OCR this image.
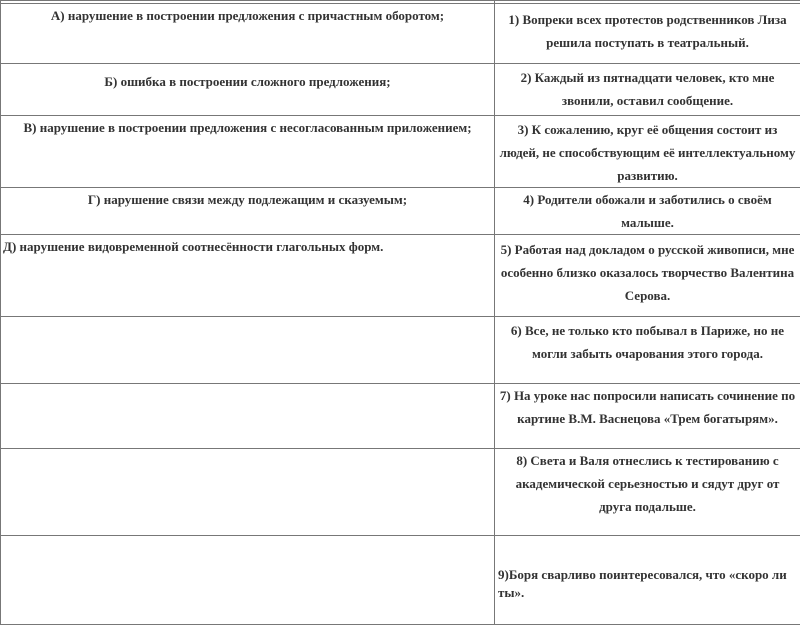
А) нарушение в построении предложения с причастным оборотом;	1) Вопреки всех протестов родственников Лиза решила поступать в театральный.
Б) ошибка в построении сложного предложения;	2) Каждый из пятнадцати человек, кто мне звонили, оставил сообщение.
В) нарушение в построении предложения с несогласованным приложением;	3) К сожалению, круг её общения состоит из людей, не способствующим её интеллектуальному развитию.
Г) нарушение связи между подлежащим и сказуемым;	4) Родители обожали и заботились о своём малыше.
Д) нарушение видовременной соотнесённости глагольных форм.	5) Работая над докладом о русской живописи, мне особенно близко оказалось творчество Валентина Серова.
	6) Все, не только кто побывал в Париже, но не могли забыть очарования этого города.
	7) На уроке нас попросили написать сочинение по картине В.М. Васнецова «Трем богатырям».
	8) Света и Валя отнеслись к тестированию с академической серьезностью и сядут друг от друга подальше.
	9)Боря сварливо поинтересовался, что «скоро ли ты».
